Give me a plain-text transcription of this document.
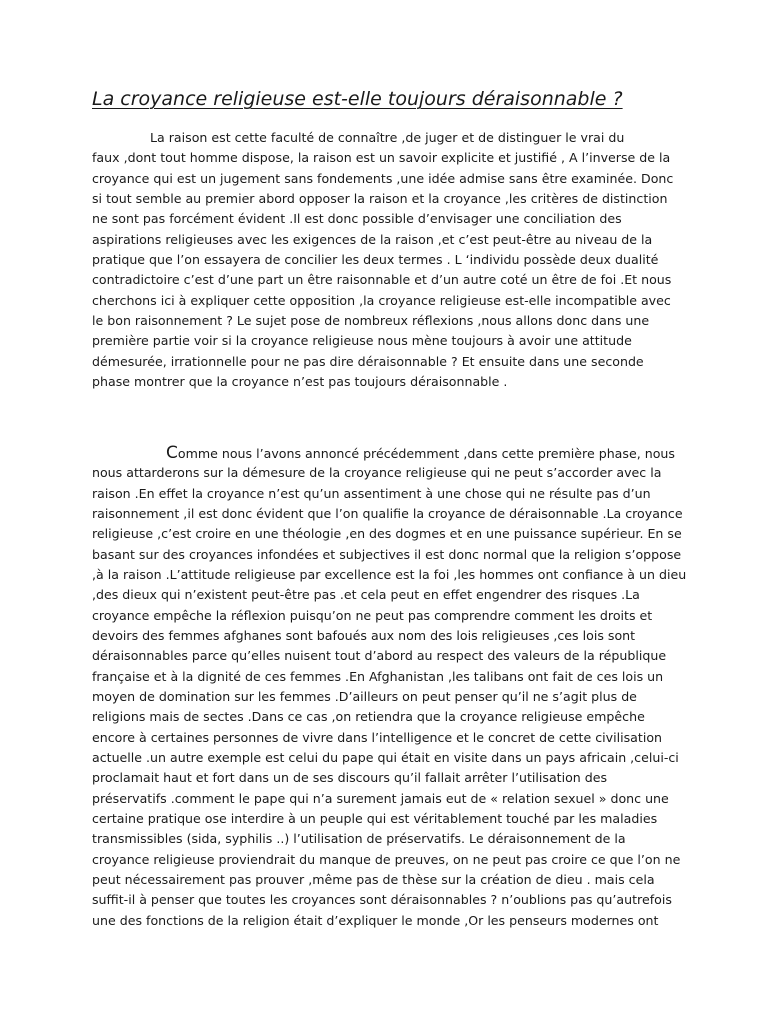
La croyance religieuse est-elle toujours déraisonnable ?
La raison est cette faculté de connaître ,de juger et de distinguer le vrai du
faux ,dont tout homme dispose, la raison est un savoir explicite et justifié , A l’inverse de la
croyance qui est un jugement sans fondements ,une idée admise sans être examinée. Donc
si tout semble au premier abord opposer la raison et la croyance ,les critères de distinction
ne sont pas forcément évident .Il est donc possible d’envisager une conciliation des
aspirations religieuses avec les exigences de la raison ,et c’est peut-être au niveau de la
pratique que l’on essayera de concilier les deux termes . L ‘individu possède deux dualité
contradictoire c’est d’une part un être raisonnable et d’un autre coté un être de foi .Et nous
cherchons ici à expliquer cette opposition ,la croyance religieuse est-elle incompatible avec
le bon raisonnement ? Le sujet pose de nombreux réflexions ,nous allons donc dans une
première partie voir si la croyance religieuse nous mène toujours à avoir une attitude
démesurée, irrationnelle pour ne pas dire déraisonnable ? Et ensuite dans une seconde
phase montrer que la croyance n’est pas toujours déraisonnable .
Comme nous l’avons annoncé précédemment ,dans cette première phase, nous
nous attarderons sur la démesure de la croyance religieuse qui ne peut s’accorder avec la
raison .En effet la croyance n’est qu’un assentiment à une chose qui ne résulte pas d’un
raisonnement ,il est donc évident que l’on qualifie la croyance de déraisonnable .La croyance
religieuse ,c’est croire en une théologie ,en des dogmes et en une puissance supérieur. En se
basant sur des croyances infondées et subjectives il est donc normal que la religion s’oppose
,à la raison .L’attitude religieuse par excellence est la foi ,les hommes ont confiance à un dieu
,des dieux qui n’existent peut-être pas .et cela peut en effet engendrer des risques .La
croyance empêche la réflexion puisqu’on ne peut pas comprendre comment les droits et
devoirs des femmes afghanes sont bafoués aux nom des lois religieuses ,ces lois sont
déraisonnables parce qu’elles nuisent tout d’abord au respect des valeurs de la république
française et à la dignité de ces femmes .En Afghanistan ,les talibans ont fait de ces lois un
moyen de domination sur les femmes .D’ailleurs on peut penser qu’il ne s’agit plus de
religions mais de sectes .Dans ce cas ,on retiendra que la croyance religieuse empêche
encore à certaines personnes de vivre dans l’intelligence et le concret de cette civilisation
actuelle .un autre exemple est celui du pape qui était en visite dans un pays africain ,celui-ci
proclamait haut et fort dans un de ses discours qu’il fallait arrêter l’utilisation des
préservatifs .comment le pape qui n’a surement jamais eut de « relation sexuel » donc une
certaine pratique ose interdire à un peuple qui est véritablement touché par les maladies
transmissibles (sida, syphilis ..) l’utilisation de préservatifs. Le déraisonnement de la
croyance religieuse proviendrait du manque de preuves, on ne peut pas croire ce que l’on ne
peut nécessairement pas prouver ,même pas de thèse sur la création de dieu . mais cela
suffit-il à penser que toutes les croyances sont déraisonnables ? n’oublions pas qu’autrefois
une des fonctions de la religion était d’expliquer le monde ,Or les penseurs modernes ont
